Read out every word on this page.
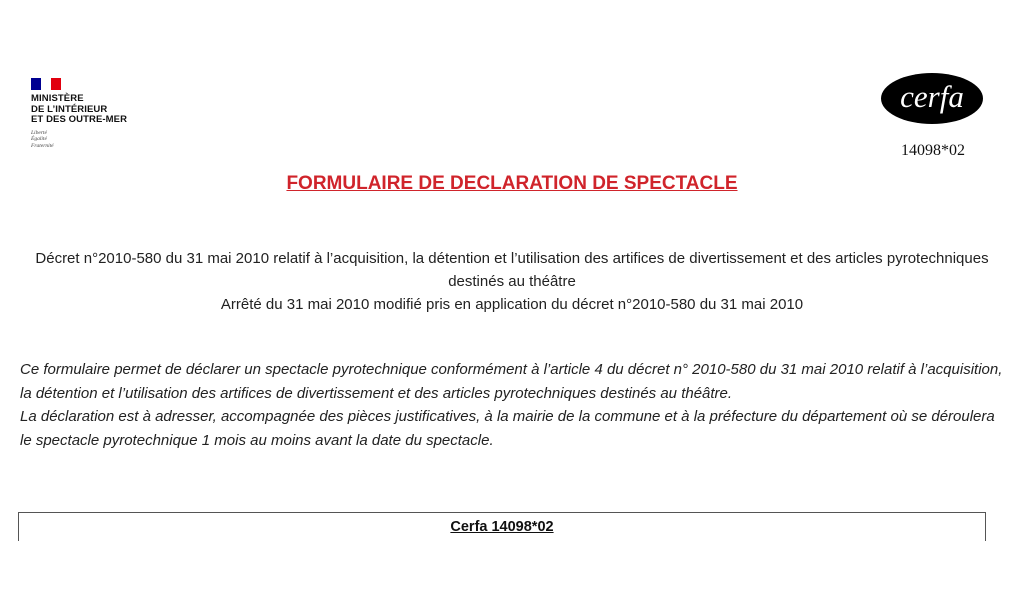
MINISTÈRE
DE L’INTÉRIEUR
ET DES OUTRE-MER
Liberté
Égalité
Fraternité
cerfa
14098*02
FORMULAIRE DE DECLARATION DE SPECTACLE
Décret n°2010-580 du 31 mai 2010 relatif à l’acquisition, la détention et l’utilisation des artifices de divertissement et des articles pyrotechniques destinés au théâtre
Arrêté du 31 mai 2010 modifié pris en application du décret n°2010-580 du 31 mai 2010
Ce formulaire permet de déclarer un spectacle pyrotechnique conformément à l’article 4 du décret n° 2010-580 du 31 mai 2010 relatif à l’acquisition, la détention et l’utilisation des artifices de divertissement et des articles pyrotechniques destinés au théâtre.
La déclaration est à adresser, accompagnée des pièces justificatives, à la mairie de la commune et à la préfecture du département où se déroulera le spectacle pyrotechnique 1 mois au moins avant la date du spectacle.
Cerfa 14098*02
